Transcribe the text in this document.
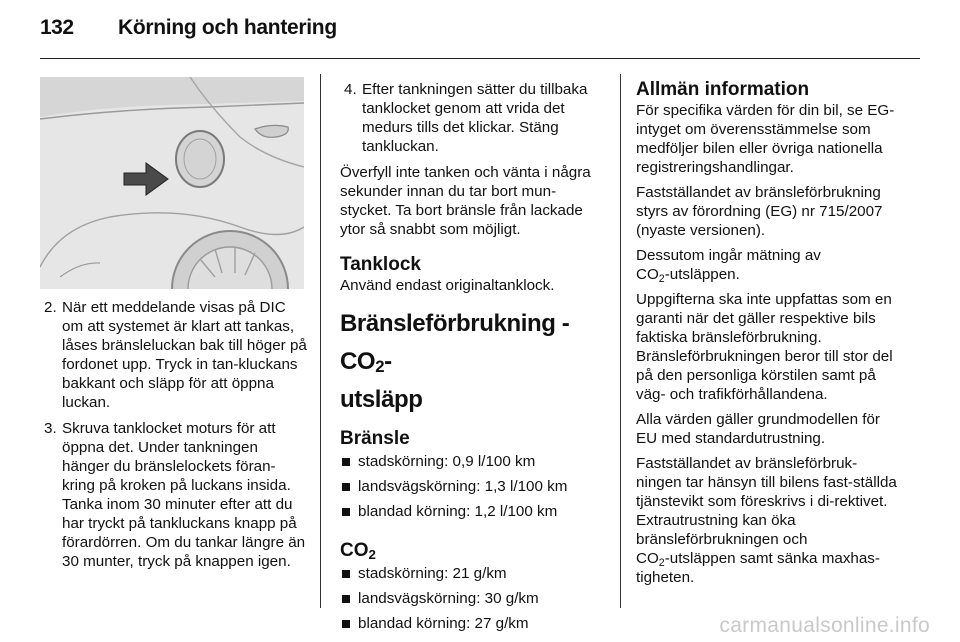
132 Körning och hantering
2. När ett meddelande visas på DIC om att systemet är klart att tankas, låses bränsleluckan bak till höger på fordonet upp. Tryck in tan-kluckans bakkant och släpp för att öppna luckan.
3. Skruva tanklocket moturs för att öppna det. Under tankningen hänger du bränslelockets föran-kring på kroken på luckans insida. Tanka inom 30 minuter efter att du har tryckt på tankluckans knapp på förardörren. Om du tankar längre än 30 munter, tryck på knappen igen.
4. Efter tankningen sätter du tillbaka tanklocket genom att vrida det medurs tills det klickar. Stäng tankluckan.

Överfyll inte tanken och vänta i några sekunder innan du tar bort mun-stycket. Ta bort bränsle från lackade ytor så snabbt som möjligt.

Tanklock

Använd endast originaltanklock.

Bränsleförbrukning - $CO_2-$
utsläpp
Bränsle
stadskörning: 0,9 l/100 km
landsvägskörning: 1,3 l/100 km
blandad körning: 1,2 l/100 km
$CO_2$
stadskörning: 21 g/km
landsvägskörning: 30 g/km
blandad körning: 27 g/km
Allmän information

För specifika värden för din bil, se EG-intyget om överensstämmelse som medföljer bilen eller övriga nationella registreringshandlingar.

Fastställandet av bränsleförbrukning styrs av förordning (EG) nr 715/2007 (nyaste versionen).

Dessutom ingår mätning av
$CO_2$-utsläppen.

Uppgifterna ska inte uppfattas som en garanti när det gäller respektive bils faktiska bränsleförbrukning. Bränsleförbrukningen beror till stor del på den personliga körstilen samt på väg- och trafikförhållandena.

Alla värden gäller grundmodellen för EU med standardutrustning.

Fastställandet av bränsleförbruk-ningen tar hänsyn till bilens fast-ställda tjänstevikt som föreskrivs i di-rektivet. Extrautrustning kan öka bränsleförbrukningen och
$CO_2$-utsläppen samt sänka maxhas-tigheten.

carmanualsonline.info
